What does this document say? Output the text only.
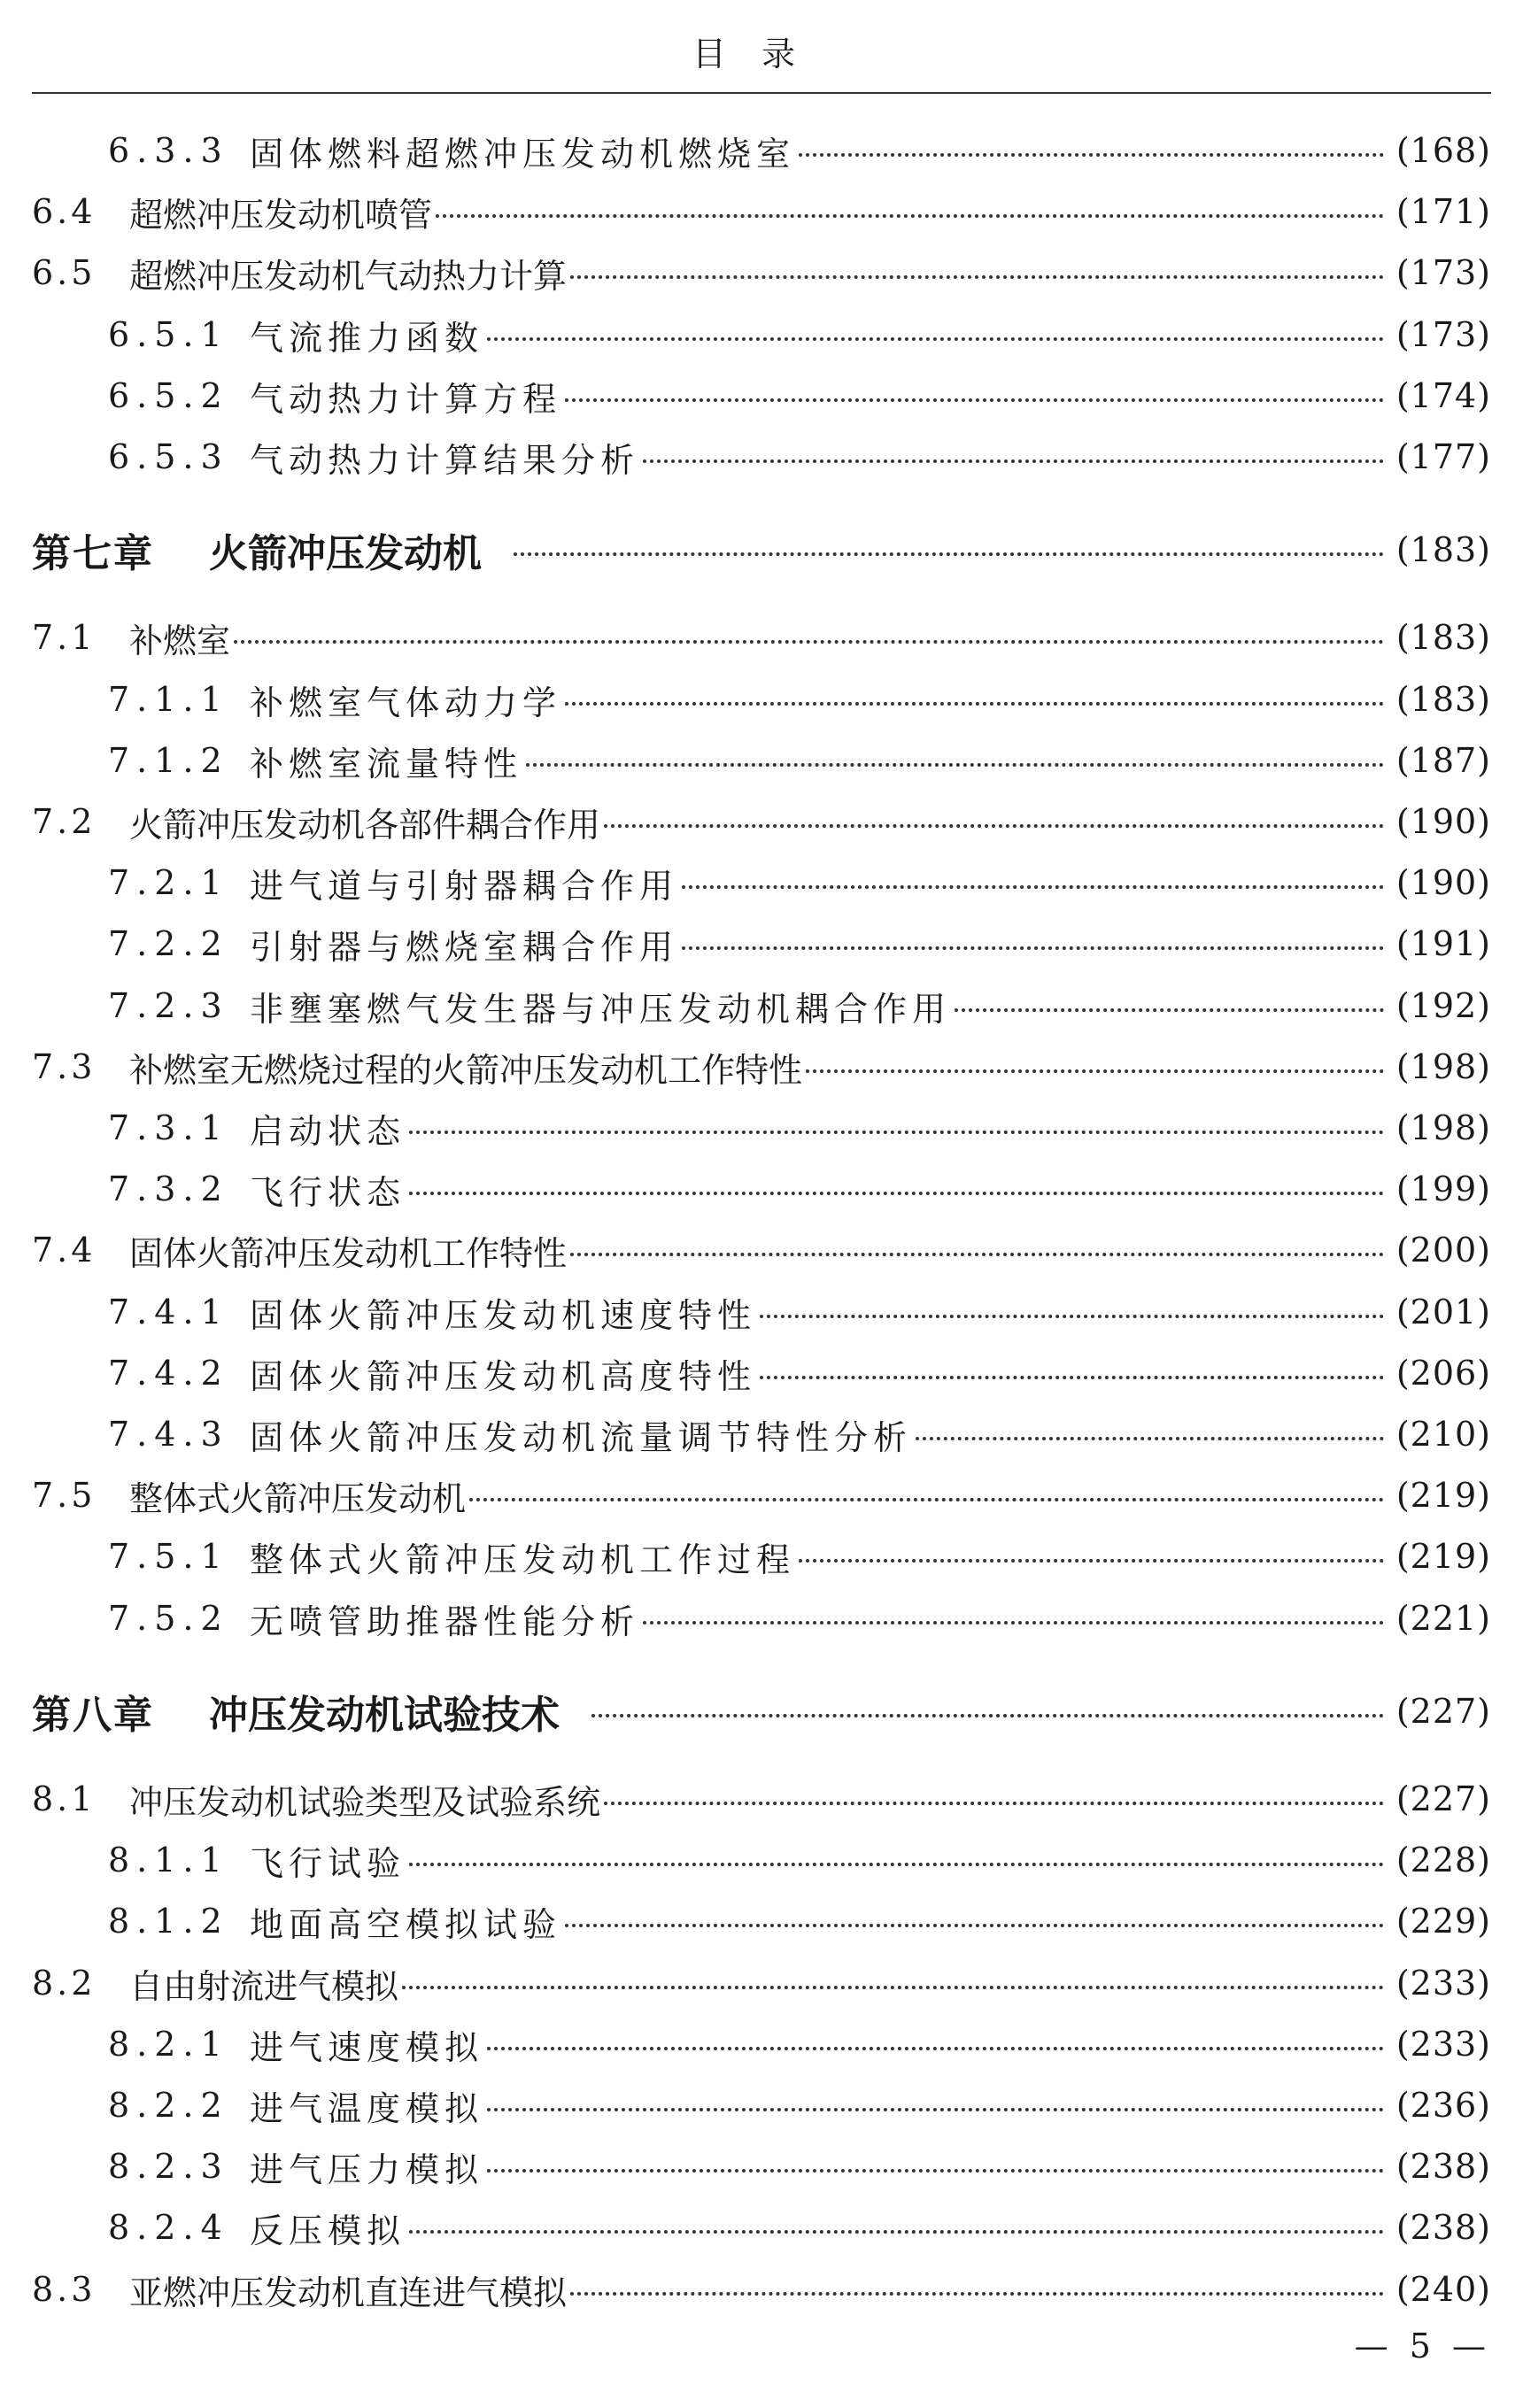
目录
6.3.3 固体燃料超燃冲压发动机燃烧室	(168)
6.4 超燃冲压发动机喷管	(171)
6.5 超燃冲压发动机气动热力计算	(173)
6.5.1 气流推力函数	(173)
6.5.2 气动热力计算方程	(174)
6.5.3 气动热力计算结果分析	(177)
第七章	火箭冲压发动机	(183)
7.1 补燃室	(183)
7.1.1 补燃室气体动力学	(183)
7.1.2 补燃室流量特性	(187)
7.2 火箭冲压发动机各部件耦合作用	(190)
7.2.1 进气道与引射器耦合作用	(190)
7.2.2 引射器与燃烧室耦合作用	(191)
7.2.3 非壅塞燃气发生器与冲压发动机耦合作用	(192)
7.3 补燃室无燃烧过程的火箭冲压发动机工作特性	(198)
7.3.1 启动状态	(198)
7.3.2 飞行状态	(199)
7.4 固体火箭冲压发动机工作特性	(200)
7.4.1 固体火箭冲压发动机速度特性	(201)
7.4.2 固体火箭冲压发动机高度特性	(206)
7.4.3 固体火箭冲压发动机流量调节特性分析	(210)
7.5 整体式火箭冲压发动机	(219)
7.5.1 整体式火箭冲压发动机工作过程	(219)
7.5.2 无喷管助推器性能分析	(221)
第八章	冲压发动机试验技术	(227)
8.1 冲压发动机试验类型及试验系统	(227)
8.1.1 飞行试验	(228)
8.1.2 地面高空模拟试验	(229)
8.2 自由射流进气模拟	(233)
8.2.1 进气速度模拟	(233)
8.2.2 进气温度模拟	(236)
8.2.3 进气压力模拟	(238)
8.2.4 反压模拟	(238)
8.3 亚燃冲压发动机直连进气模拟	(240)
— 5 —
